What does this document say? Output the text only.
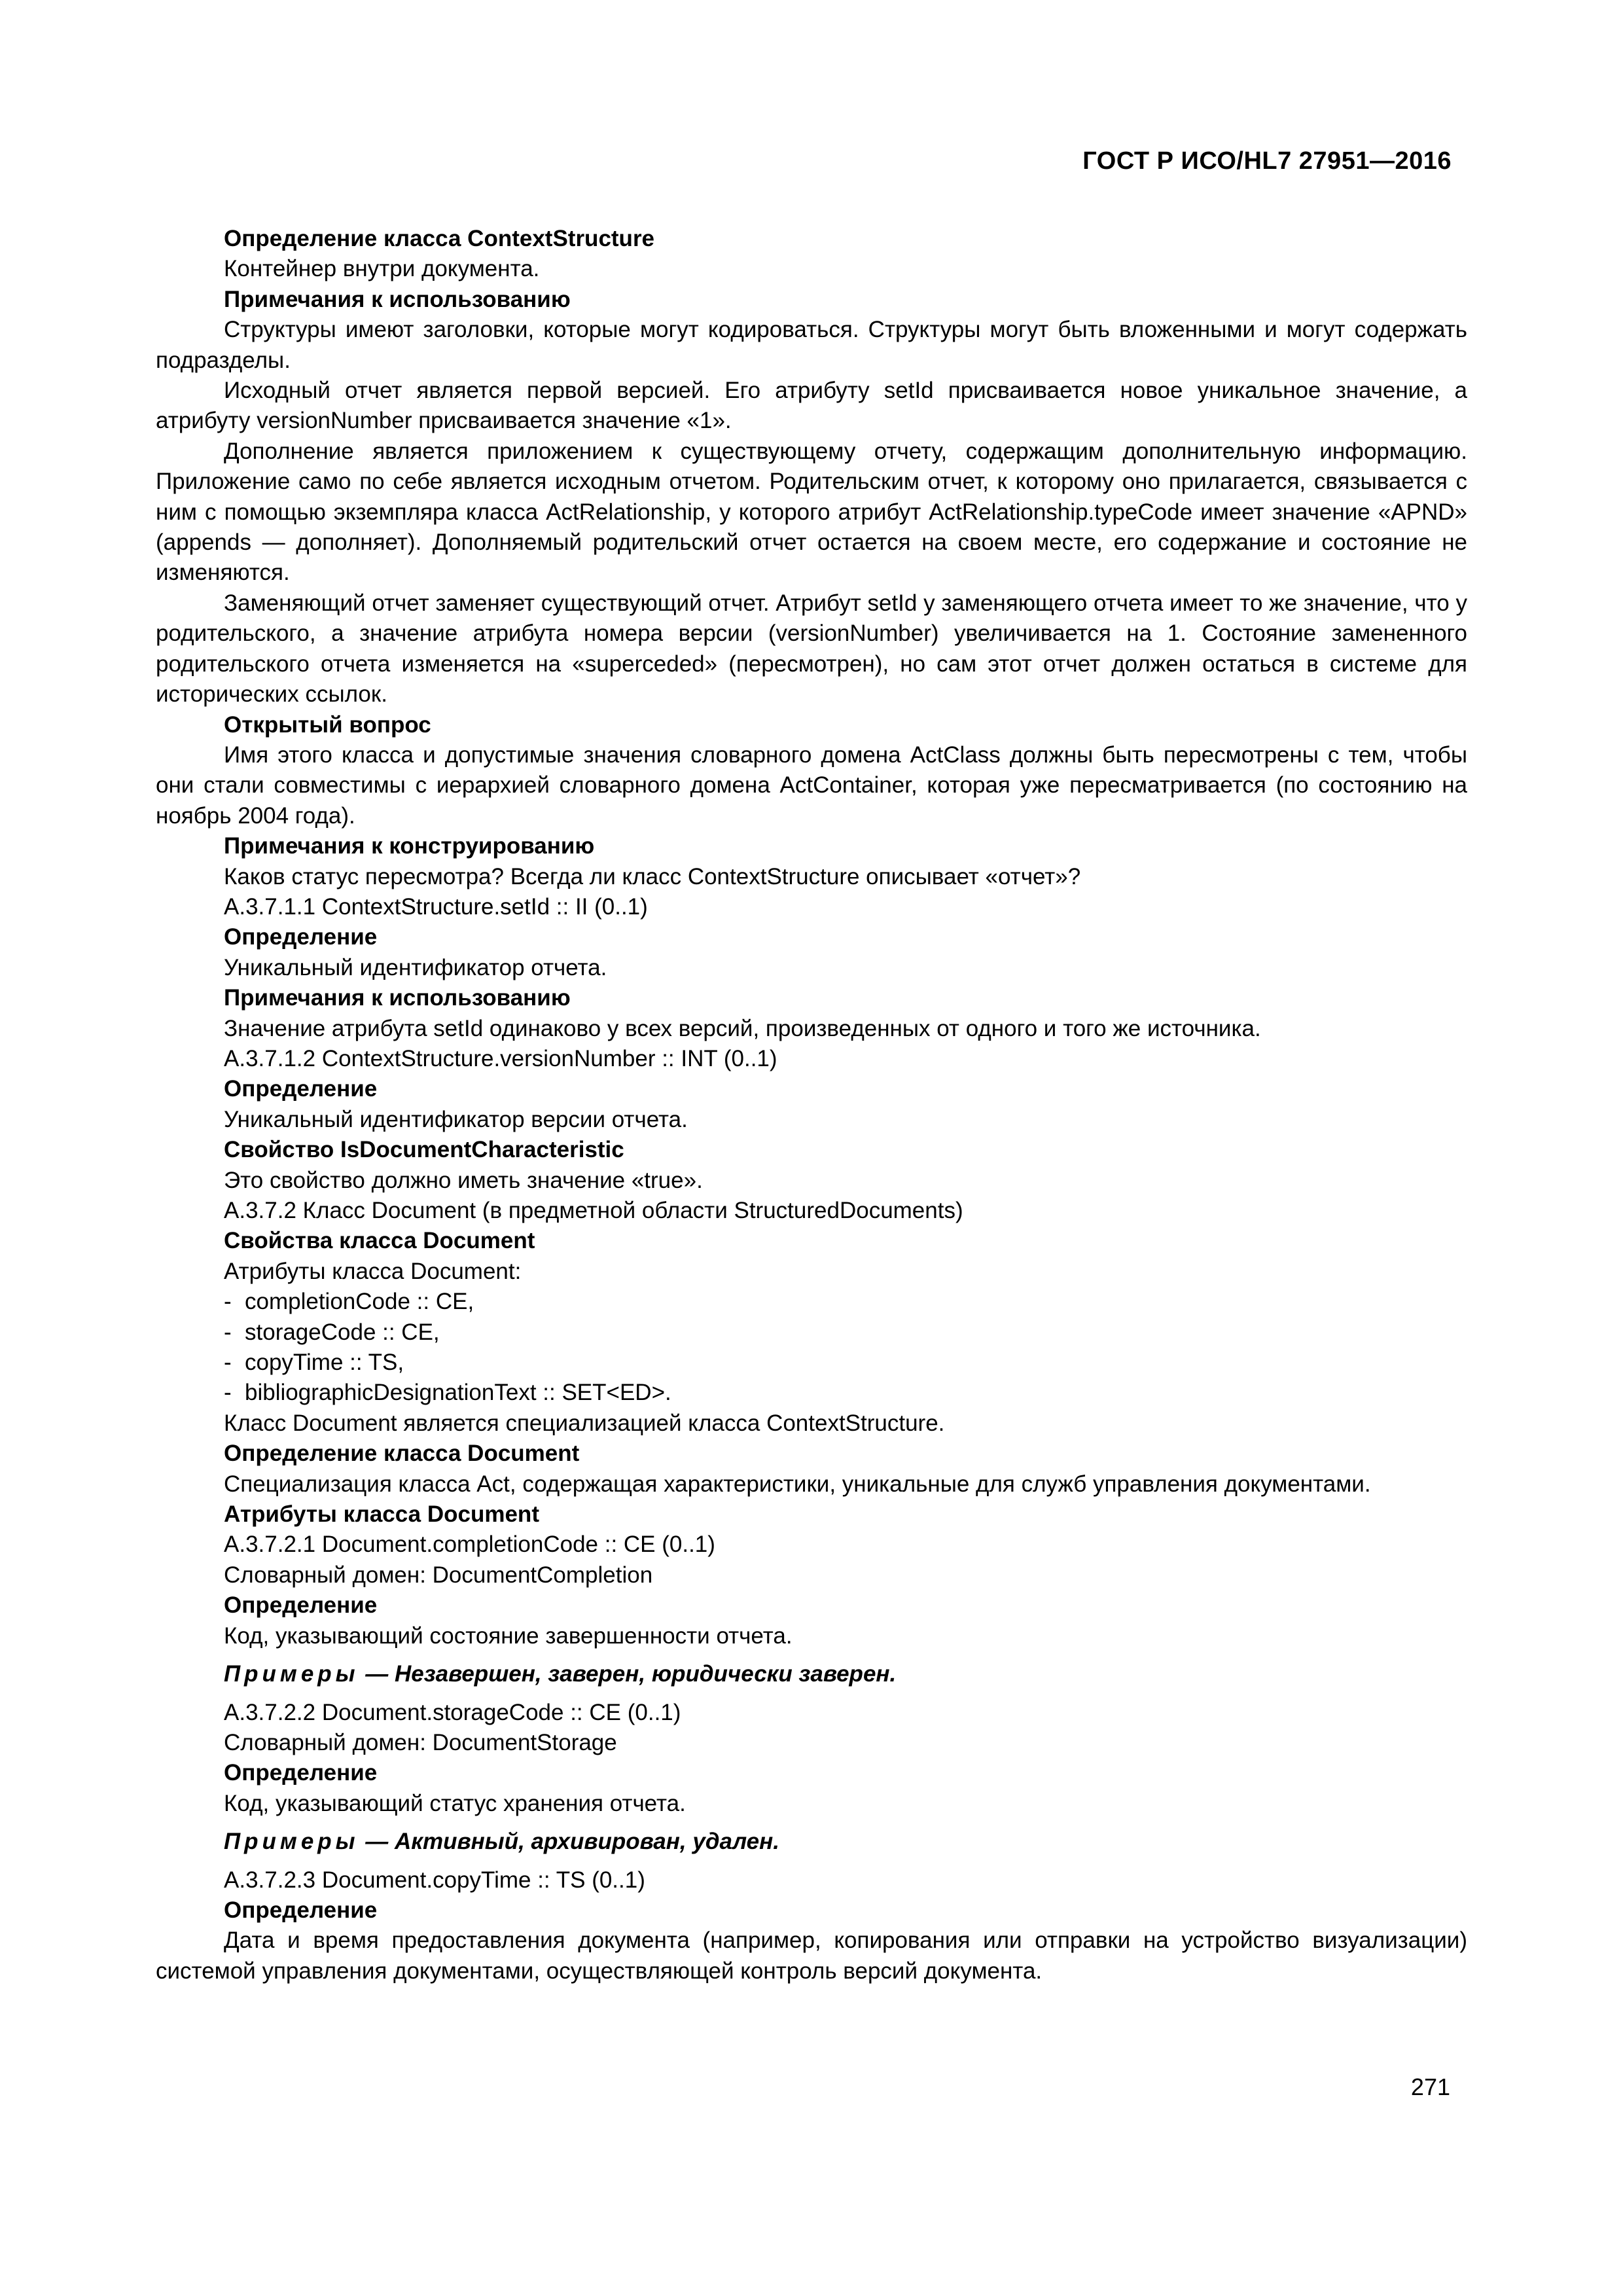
ГОСТ Р ИСО/HL7 27951—2016
Определение класса ContextStructure
Контейнер внутри документа.
Примечания к использованию
Структуры имеют заголовки, которые могут кодироваться. Структуры могут быть вложенными и могут содержать подразделы.
Исходный отчет является первой версией. Его атрибуту setId присваивается новое уникальное значение, а атрибуту versionNumber присваивается значение «1».
Дополнение является приложением к существующему отчету, содержащим дополнительную информацию. Приложение само по себе является исходным отчетом. Родительским отчет, к которому оно прилагается, связывается с ним с помощью экземпляра класса ActRelationship, у которого атрибут ActRelationship.typeCode имеет значение «APND» (appends — дополняет). Дополняемый родительский отчет остается на своем месте, его содержание и состояние не изменяются.
Заменяющий отчет заменяет существующий отчет. Атрибут setId у заменяющего отчета имеет то же значение, что у родительского, а значение атрибута номера версии (versionNumber) увеличивается на 1. Состояние замененного родительского отчета изменяется на «superceded» (пересмотрен), но сам этот отчет должен остаться в системе для исторических ссылок.
Открытый вопрос
Имя этого класса и допустимые значения словарного домена ActClass должны быть пересмотрены с тем, чтобы они стали совместимы с иерархией словарного домена ActContainer, которая уже пересматривается (по состоянию на ноябрь 2004 года).
Примечания к конструированию
Каков статус пересмотра? Всегда ли класс ContextStructure описывает «отчет»?
A.3.7.1.1 ContextStructure.setId :: II (0..1)
Определение
Уникальный идентификатор отчета.
Примечания к использованию
Значение атрибута setId одинаково у всех версий, произведенных от одного и того же источника.
A.3.7.1.2 ContextStructure.versionNumber :: INT (0..1)
Определение
Уникальный идентификатор версии отчета.
Свойство IsDocumentCharacteristic
Это свойство должно иметь значение «true».
A.3.7.2 Класс Document (в предметной области StructuredDocuments)
Свойства класса Document
Атрибуты класса Document:
- completionCode :: CE,
- storageCode :: CE,
- copyTime :: TS,
- bibliographicDesignationText :: SET<ED>.
Класс Document является специализацией класса ContextStructure.
Определение класса Document
Специализация класса Act, содержащая характеристики, уникальные для служб управления документами.
Атрибуты класса Document
A.3.7.2.1 Document.completionCode :: CE (0..1)
Словарный домен: DocumentCompletion
Определение
Код, указывающий состояние завершенности отчета.
Примеры — Незавершен, заверен, юридически заверен.
A.3.7.2.2 Document.storageCode :: CE (0..1)
Словарный домен: DocumentStorage
Определение
Код, указывающий статус хранения отчета.
Примеры — Активный, архивирован, удален.
A.3.7.2.3 Document.copyTime :: TS (0..1)
Определение
Дата и время предоставления документа (например, копирования или отправки на устройство визуализации) системой управления документами, осуществляющей контроль версий документа.
271
